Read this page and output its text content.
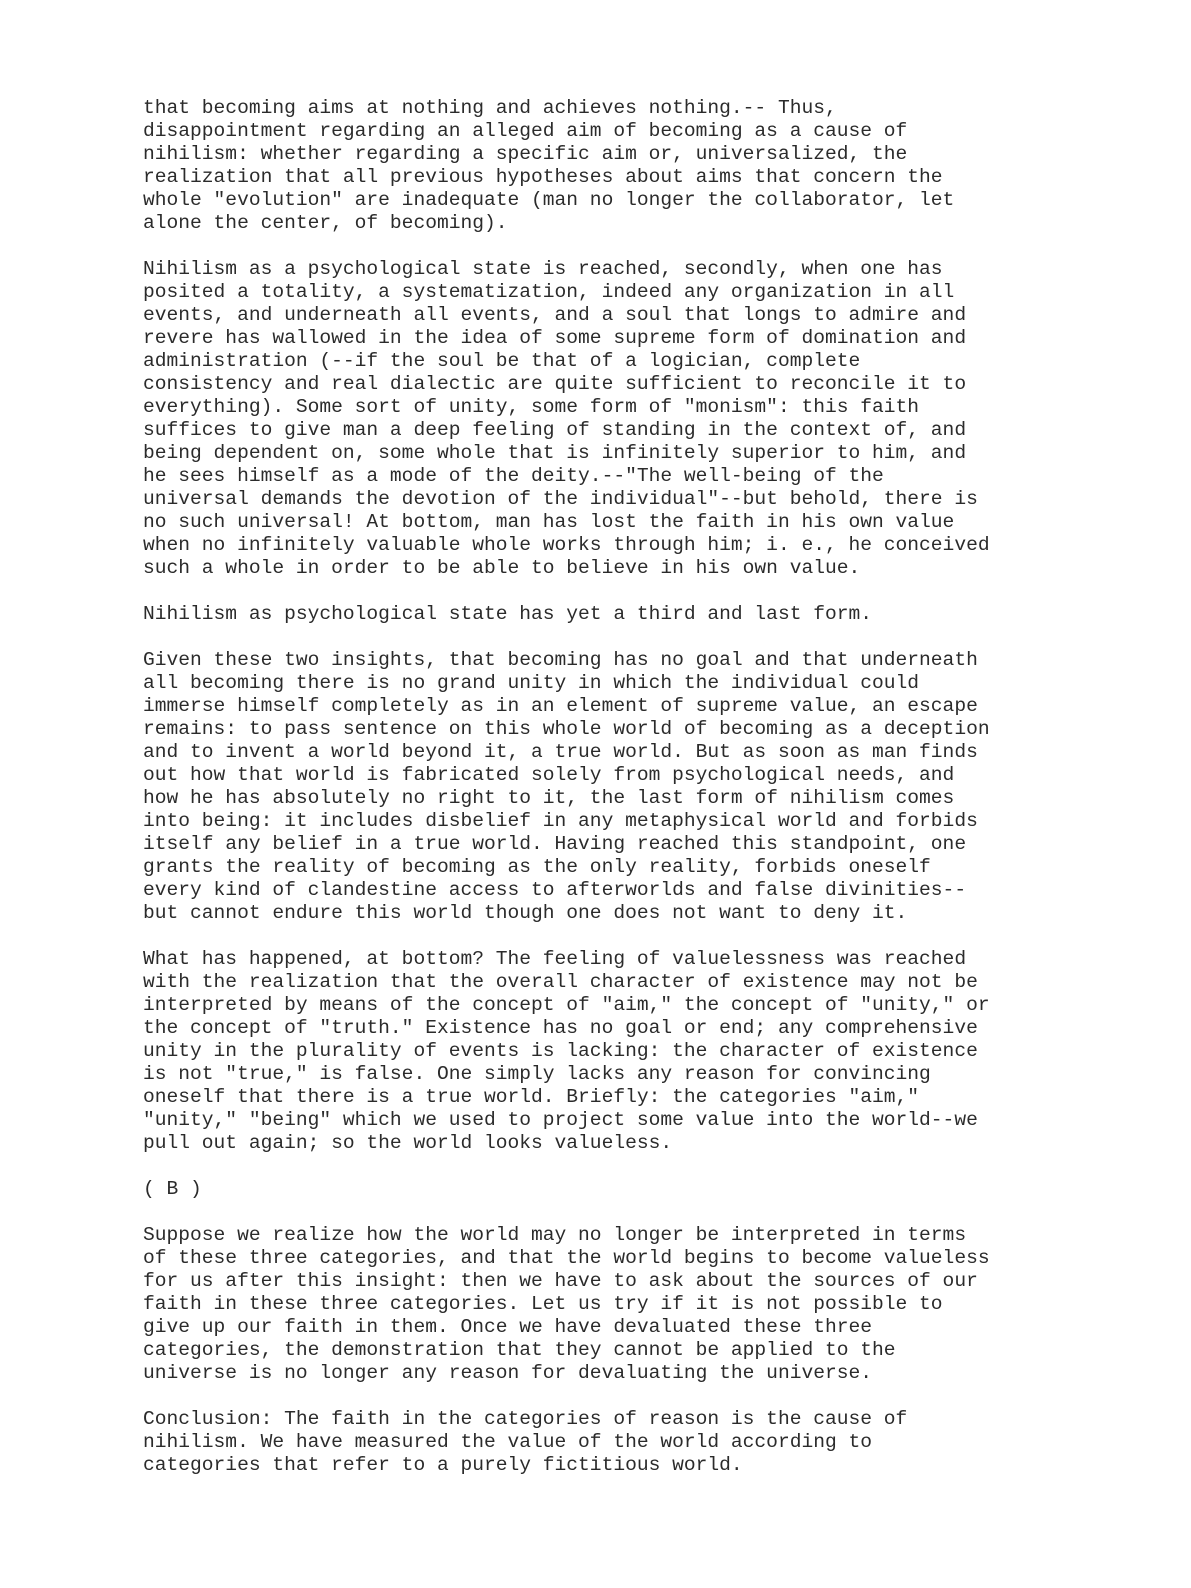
that becoming aims at nothing and achieves nothing.-- Thus,
disappointment regarding an alleged aim of becoming as a cause of
nihilism: whether regarding a specific aim or, universalized, the
realization that all previous hypotheses about aims that concern the
whole "evolution" are inadequate (man no longer the collaborator, let
alone the center, of becoming).

Nihilism as a psychological state is reached, secondly, when one has
posited a totality, a systematization, indeed any organization in all
events, and underneath all events, and a soul that longs to admire and
revere has wallowed in the idea of some supreme form of domination and
administration (--if the soul be that of a logician, complete
consistency and real dialectic are quite sufficient to reconcile it to
everything). Some sort of unity, some form of "monism": this faith
suffices to give man a deep feeling of standing in the context of, and
being dependent on, some whole that is infinitely superior to him, and
he sees himself as a mode of the deity.--"The well-being of the
universal demands the devotion of the individual"--but behold, there is
no such universal! At bottom, man has lost the faith in his own value
when no infinitely valuable whole works through him; i. e., he conceived
such a whole in order to be able to believe in his own value.

Nihilism as psychological state has yet a third and last form.

Given these two insights, that becoming has no goal and that underneath
all becoming there is no grand unity in which the individual could
immerse himself completely as in an element of supreme value, an escape
remains: to pass sentence on this whole world of becoming as a deception
and to invent a world beyond it, a true world. But as soon as man finds
out how that world is fabricated solely from psychological needs, and
how he has absolutely no right to it, the last form of nihilism comes
into being: it includes disbelief in any metaphysical world and forbids
itself any belief in a true world. Having reached this standpoint, one
grants the reality of becoming as the only reality, forbids oneself
every kind of clandestine access to afterworlds and false divinities--
but cannot endure this world though one does not want to deny it.

What has happened, at bottom? The feeling of valuelessness was reached
with the realization that the overall character of existence may not be
interpreted by means of the concept of "aim," the concept of "unity," or
the concept of "truth." Existence has no goal or end; any comprehensive
unity in the plurality of events is lacking: the character of existence
is not "true," is false. One simply lacks any reason for convincing
oneself that there is a true world. Briefly: the categories "aim,"
"unity," "being" which we used to project some value into the world--we
pull out again; so the world looks valueless.

( B )

Suppose we realize how the world may no longer be interpreted in terms
of these three categories, and that the world begins to become valueless
for us after this insight: then we have to ask about the sources of our
faith in these three categories. Let us try if it is not possible to
give up our faith in them. Once we have devaluated these three
categories, the demonstration that they cannot be applied to the
universe is no longer any reason for devaluating the universe.

Conclusion: The faith in the categories of reason is the cause of
nihilism. We have measured the value of the world according to
categories that refer to a purely fictitious world.
